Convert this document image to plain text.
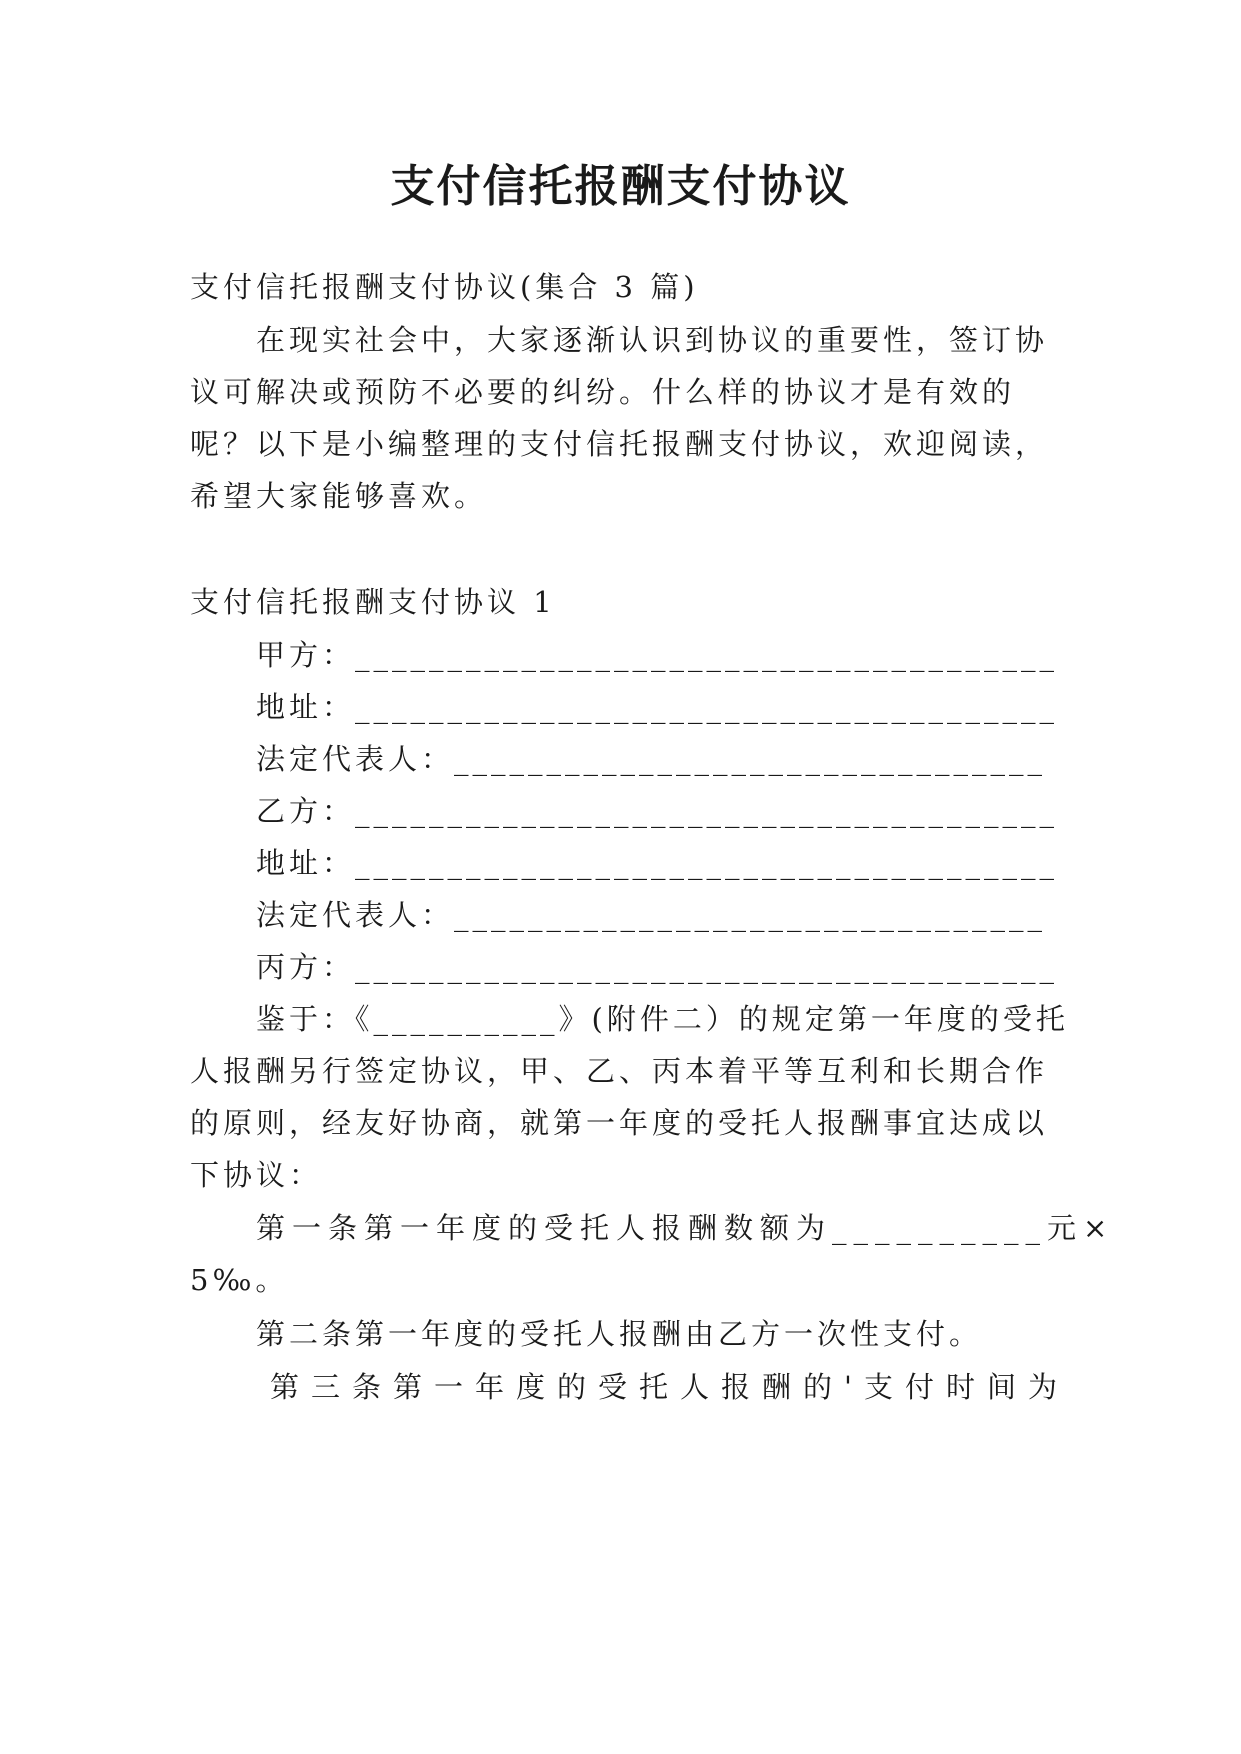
支付信托报酬支付协议
支付信托报酬支付协议(集合 3 篇)
在现实社会中，大家逐渐认识到协议的重要性，签订协
议可解决或预防不必要的纠纷。什么样的协议才是有效的
呢？以下是小编整理的支付信托报酬支付协议，欢迎阅读，
希望大家能够喜欢。
支付信托报酬支付协议 1
甲方：______________________________________
地址：______________________________________
法定代表人：________________________________
乙方：______________________________________
地址：______________________________________
法定代表人：________________________________
丙方：______________________________________
鉴于：《__________》(附件二）的规定第一年度的受托
人报酬另行签定协议，甲、乙、丙本着平等互利和长期合作
的原则，经友好协商，就第一年度的受托人报酬事宜达成以
下协议：
第一条第一年度的受托人报酬数额为__________元×
5‰。
第二条第一年度的受托人报酬由乙方一次性支付。
第三条第一年度的受托人报酬的'支付时间为
